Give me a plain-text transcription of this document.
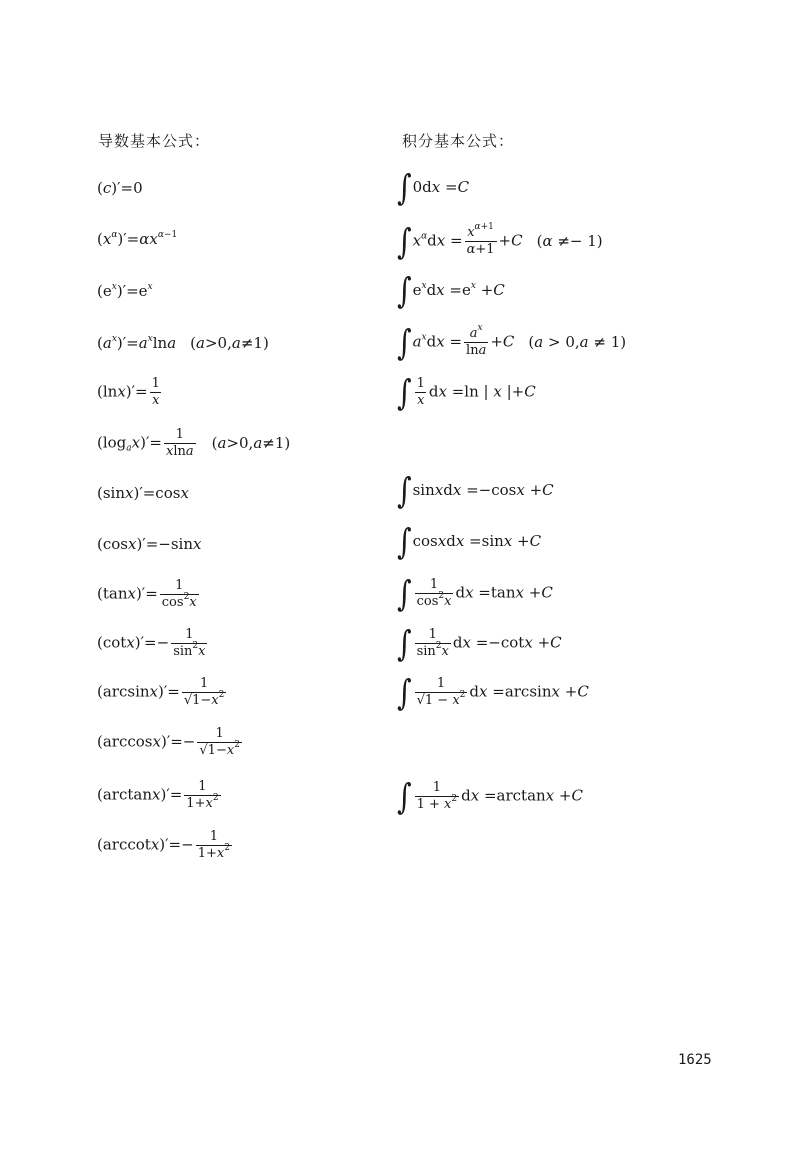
导数基本公式：	积分基本公式：
(c)′=0
$(x^\alpha)'=\alpha x^{\alpha-1}$
$(e^x)'=e^x$
$(a^x)'=a^x\ln a$ (a>0,a≠1)
$(\ln x)'= \frac{1}{x}$
$(\log_ax)'= \frac{1}{xlna} (a>0,a\ne 1)$
(sinx)′=cosx
(cosx)′=−sinx
$(\tan x)'= \frac{1}{\cos^2x}$
$(\cot x)'=- \frac{1}{\sin^2x}$
$(\arcsin x)'= \frac{1}{√1-x^2}$
$(\arccos x)'=- \frac{1}{√1-x^2}$
$(\arctan x)'= \frac{1}{1+x^2}$
$(arccotx)'=- \frac{1}{1+x^2}$
∫0dx =C
$\int x^\alpha dx = \frac{x^{\alpha+1}}{\alpha+1} +C$ (α ≠− 1)
$\int e^xdx =e^x +C$
$\int a^xdx = \frac{a^x}{\ln a} +C$ (a > 0,a ≠ 1)
∫ $\frac{1}{x}$ dx =ln | x |+C
∫sinxdx =−cosx +C
∫cosxdx =sinx +C
∫ $\frac{1}{\cos^2x}$ dx =tanx +C
∫ $\frac{1}{\sin^2x}$ dx =−cotx +C
∫ $\frac{1}{√1 - x^2}$ dx =arcsinx +C
∫ $\frac{1}{1 + x^2}$ dx =arctanx +C
1625
